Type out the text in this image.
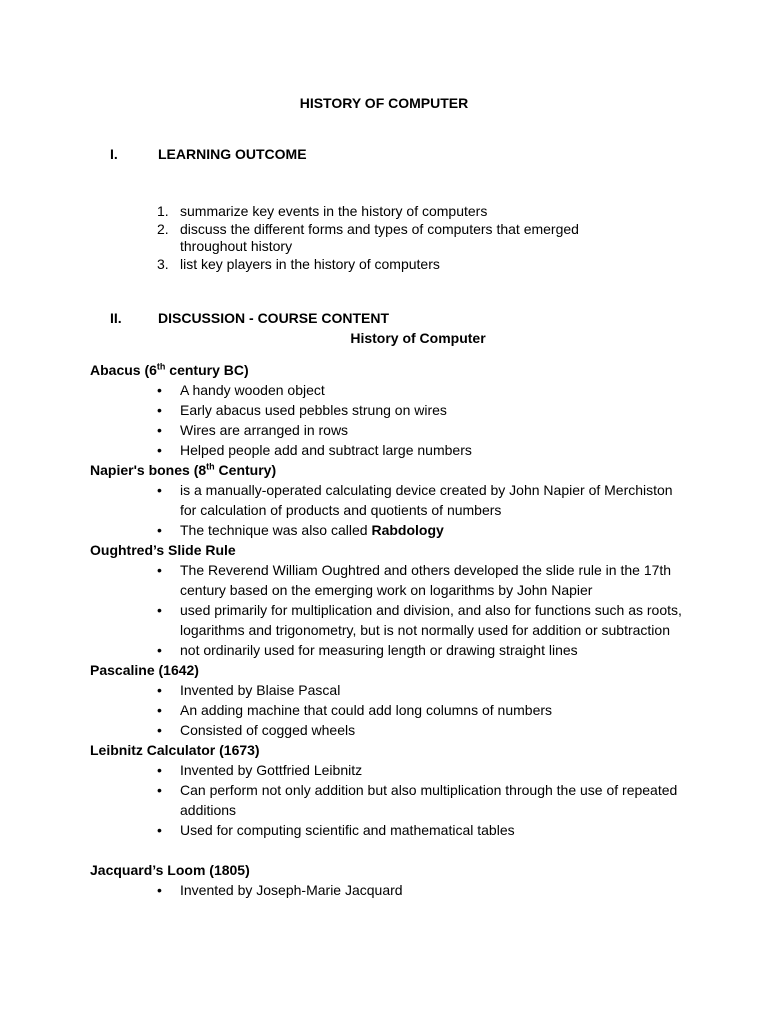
HISTORY OF COMPUTER
I.	LEARNING OUTCOME
1. summarize key events in the history of computers
2. discuss the different forms and types of computers that emerged throughout history
3. list key players in the history of computers
II.	DISCUSSION - COURSE CONTENT
History of Computer
Abacus (6th century BC)
• A handy wooden object
• Early abacus used pebbles strung on wires
• Wires are arranged in rows
• Helped people add and subtract large numbers
Napier's bones (8th Century)
• is a manually-operated calculating device created by John Napier of Merchiston for calculation of products and quotients of numbers
• The technique was also called Rabdology
Oughtred’s Slide Rule
• The Reverend William Oughtred and others developed the slide rule in the 17th century based on the emerging work on logarithms by John Napier
• used primarily for multiplication and division, and also for functions such as roots, logarithms and trigonometry, but is not normally used for addition or subtraction
• not ordinarily used for measuring length or drawing straight lines
Pascaline (1642)
• Invented by Blaise Pascal
• An adding machine that could add long columns of numbers
• Consisted of cogged wheels
Leibnitz Calculator (1673)
• Invented by Gottfried Leibnitz
• Can perform not only addition but also multiplication through the use of repeated additions
• Used for computing scientific and mathematical tables
Jacquard’s Loom (1805)
• Invented by Joseph-Marie Jacquard
